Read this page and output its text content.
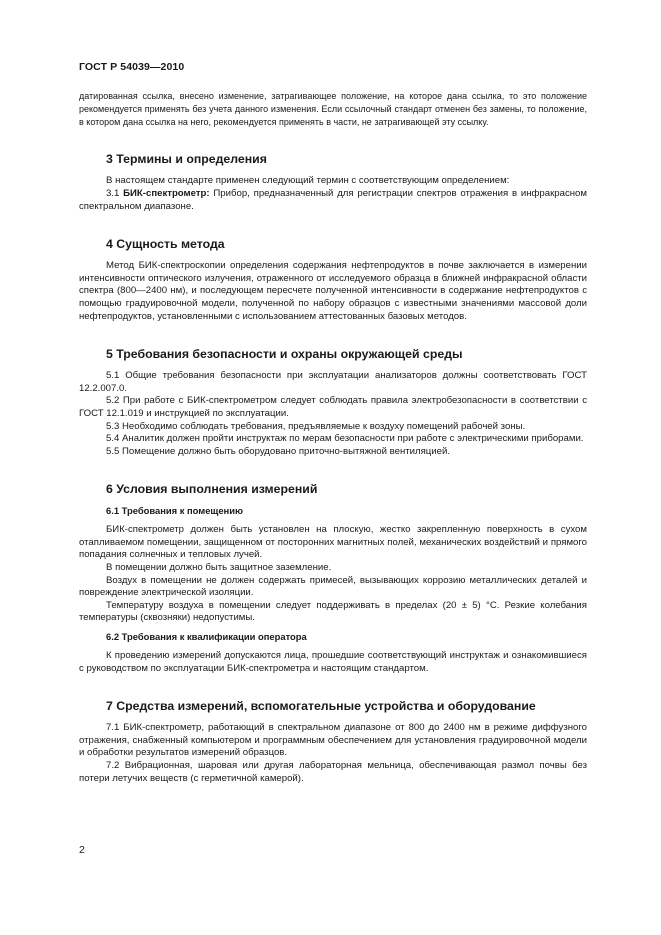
ГОСТ Р 54039—2010

датированная ссылка, внесено изменение, затрагивающее положение, на которое дана ссылка, то это положение рекомендуется применять без учета данного изменения. Если ссылочный стандарт отменен без замены, то положение, в котором дана ссылка на него, рекомендуется применять в части, не затрагивающей эту ссылку.

3 Термины и определения

В настоящем стандарте применен следующий термин с соответствующим определением:

3.1 БИК-спектрометр: Прибор, предназначенный для регистрации спектров отражения в инфракрасном спектральном диапазоне.

4 Сущность метода

Метод БИК-спектроскопии определения содержания нефтепродуктов в почве заключается в измерении интенсивности оптического излучения, отраженного от исследуемого образца в ближней инфракрасной области спектра (800—2400 нм), и последующем пересчете полученной интенсивности в содержание нефтепродуктов с помощью градуировочной модели, полученной по набору образцов с известными значениями массовой доли нефтепродуктов, установленными с использованием аттестованных базовых методов.

5 Требования безопасности и охраны окружающей среды

5.1 Общие требования безопасности при эксплуатации анализаторов должны соответствовать ГОСТ 12.2.007.0.

5.2 При работе с БИК-спектрометром следует соблюдать правила электробезопасности в соответствии с ГОСТ 12.1.019 и инструкцией по эксплуатации.

5.3 Необходимо соблюдать требования, предъявляемые к воздуху помещений рабочей зоны.

5.4 Аналитик должен пройти инструктаж по мерам безопасности при работе с электрическими приборами.

5.5 Помещение должно быть оборудовано приточно-вытяжной вентиляцией.

6 Условия выполнения измерений
6.1 Требования к помещению

БИК-спектрометр должен быть установлен на плоскую, жестко закрепленную поверхность в сухом отапливаемом помещении, защищенном от посторонних магнитных полей, механических воздействий и прямого попадания солнечных и тепловых лучей.

В помещении должно быть защитное заземление.

Воздух в помещении не должен содержать примесей, вызывающих коррозию металлических деталей и повреждение электрической изоляции.

Температуру воздуха в помещении следует поддерживать в пределах (20 ± 5) °С. Резкие колебания температуры (сквозняки) недопустимы.

6.2 Требования к квалификации оператора

К проведению измерений допускаются лица, прошедшие соответствующий инструктаж и ознакомившиеся с руководством по эксплуатации БИК-спектрометра и настоящим стандартом.

7 Средства измерений, вспомогательные устройства и оборудование

7.1 БИК-спектрометр, работающий в спектральном диапазоне от 800 до 2400 нм в режиме диффузного отражения, снабженный компьютером и программным обеспечением для установления градуировочной модели и обработки результатов измерений образцов.

7.2 Вибрационная, шаровая или другая лабораторная мельница, обеспечивающая размол почвы без потери летучих веществ (с герметичной камерой).

2
